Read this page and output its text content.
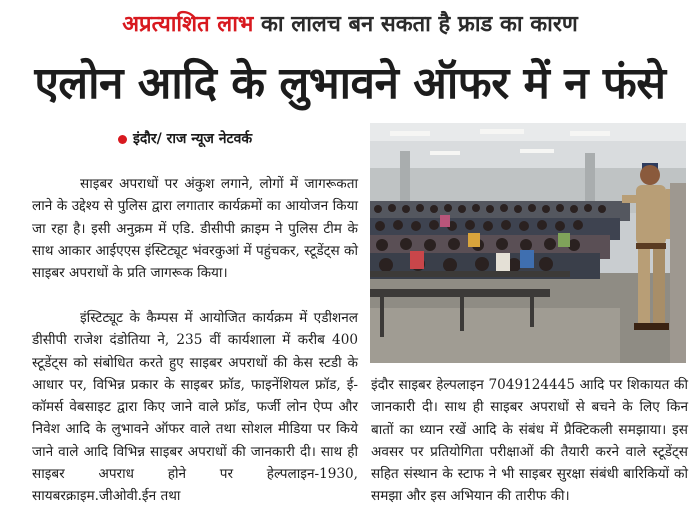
अप्रत्याशित लाभ का लालच बन सकता है फ्राड का कारण
एलोन आदि के लुभावने ऑफर में न फंसे
इंदौर/ राज न्यूज नेटवर्क
साइबर अपराधों पर अंकुश लगाने, लोगों में जागरूकता लाने के उद्देश्य से पुलिस द्वारा लगातार कार्यक्रमों का आयोजन किया जा रहा है। इसी अनुक्रम में एडि. डीसीपी क्राइम ने पुलिस टीम के साथ आकार आईएएस इंस्टिट्यूट भंवरकुआं में पहुंचकर, स्टूडेंट्स को साइबर अपराधों के प्रति जागरूक किया।
इंस्टिट्यूट के कैम्पस में आयोजित कार्यक्रम में एडीशनल डीसीपी राजेश दंडोतिया ने, 235 वीं कार्यशाला में करीब 400 स्टूडेंट्स को संबोधित करते हुए साइबर अपराधों की केस स्टडी के आधार पर, विभिन्न प्रकार के साइबर फ्रॉड, फाइनेंशियल फ्रॉड, ई-कॉमर्स वेबसाइट द्वारा किए जाने वाले फ्रॉड, फर्जी लोन ऐप्प और निवेश आदि के लुभावने ऑफर वाले तथा सोशल मीडिया पर किये जाने वाले आदि विभिन्न साइबर अपराधों की जानकारी दी। साथ ही साइबर अपराध होने पर हेल्पलाइन-1930, सायबरक्राइम.जीओवी.ईन तथा
इंदौर साइबर हेल्पलाइन 7049124445 आदि पर शिकायत की जानकारी दी। साथ ही साइबर अपराधों से बचने के लिए किन बातों का ध्यान रखें आदि के संबंध में प्रैक्टिकली समझाया। इस अवसर पर प्रतियोगिता परीक्षाओं की तैयारी करने वाले स्टूडेंट्स सहित संस्थान के स्टाफ ने भी साइबर सुरक्षा संबंधी बारिकियों को समझा और इस अभियान की तारीफ की।
